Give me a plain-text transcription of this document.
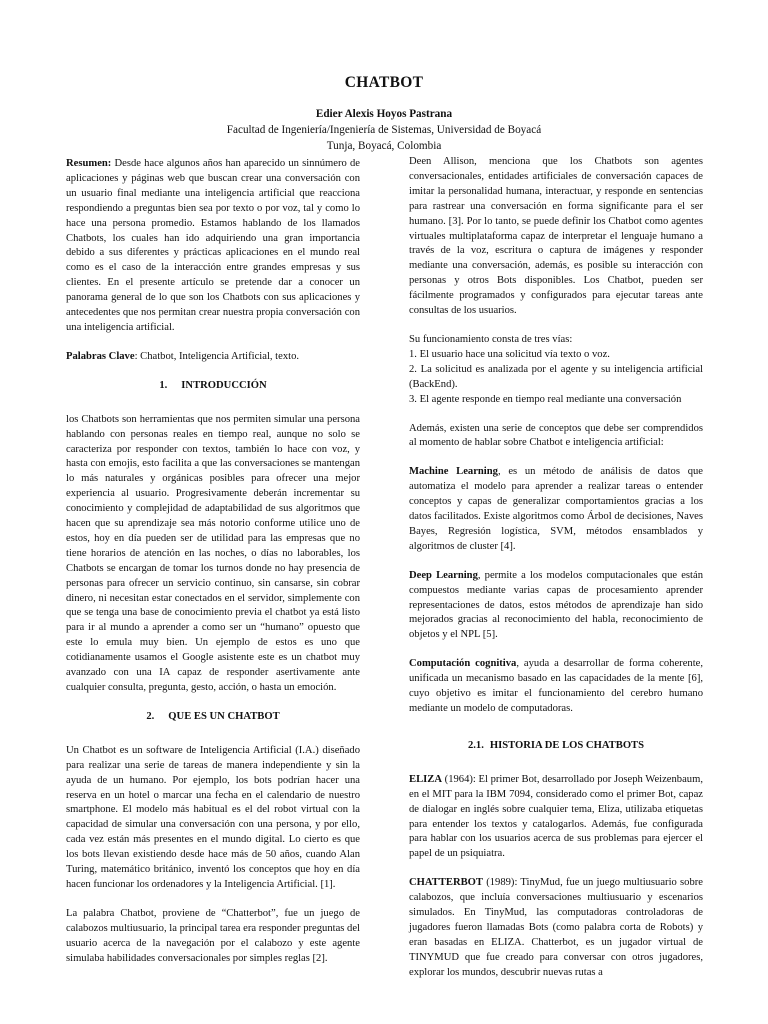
CHATBOT
Edier Alexis Hoyos Pastrana
Facultad de Ingeniería/Ingeniería de Sistemas, Universidad de Boyacá
Tunja, Boyacá, Colombia

Resumen: Desde hace algunos años han aparecido un sinnúmero de aplicaciones y páginas web que buscan crear una conversación con un usuario final mediante una inteligencia artificial que reacciona respondiendo a preguntas bien sea por texto o por voz, tal y como lo hace una persona promedio. Estamos hablando de los llamados Chatbots, los cuales han ido adquiriendo una gran importancia debido a sus diferentes y prácticas aplicaciones en el mundo real como es el caso de la interacción entre grandes empresas y sus clientes. En el presente artículo se pretende dar a conocer un panorama general de lo que son los Chatbots con sus aplicaciones y antecedentes que nos permitan crear nuestra propia conversación con una inteligencia artificial.

Palabras Clave: Chatbot, Inteligencia Artificial, texto.

1. INTRODUCCIÓN

los Chatbots son herramientas que nos permiten simular una persona hablando con personas reales en tiempo real, aunque no solo se caracteriza por responder con textos, también lo hace con voz, y hasta con emojis, esto facilita a que las conversaciones se mantengan lo más naturales y orgánicas posibles para ofrecer una mejor experiencia al usuario. Progresivamente deberán incrementar su conocimiento y complejidad de adaptabilidad de sus algoritmos que hacen que su aprendizaje sea más notorio conforme utilice uno de estos, hoy en día pueden ser de utilidad para las empresas que no tiene horarios de atención en las noches, o días no laborables, los Chatbots se encargan de tomar los turnos donde no hay presencia de personas para ofrecer un servicio continuo, sin cansarse, sin cobrar dinero, ni necesitan estar conectados en el servidor, simplemente con que se tenga una base de conocimiento previa el chatbot ya está listo para ir al mundo a aprender a como ser un “humano” opuesto que este lo emula muy bien. Un ejemplo de estos es uno que cotidianamente usamos el Google asistente este es un chatbot muy avanzado con una IA capaz de responder asertivamente ante cualquier consulta, pregunta, gesto, acción, o hasta un emoción.

2. QUE ES UN CHATBOT

Un Chatbot es un software de Inteligencia Artificial (I.A.) diseñado para realizar una serie de tareas de manera independiente y sin la ayuda de un humano. Por ejemplo, los bots podrían hacer una reserva en un hotel o marcar una fecha en el calendario de nuestro smartphone. El modelo más habitual es el del robot virtual con la capacidad de simular una conversación con una persona, y por ello, cada vez están más presentes en el mundo digital. Lo cierto es que los bots llevan existiendo desde hace más de 50 años, cuando Alan Turing, matemático británico, inventó los conceptos que hoy en día hacen funcionar los ordenadores y la Inteligencia Artificial. [1].

La palabra Chatbot, proviene de “Chatterbot”, fue un juego de calabozos multiusuario, la principal tarea era responder preguntas del usuario acerca de la navegación por el calabozo y este agente simulaba habilidades conversacionales por simples reglas [2].

Deen Allison, menciona que los Chatbots son agentes conversacionales, entidades artificiales de conversación capaces de imitar la personalidad humana, interactuar, y responde en sentencias para rastrear una conversación en forma significante para el ser humano. [3]. Por lo tanto, se puede definir los Chatbot como agentes virtuales multiplataforma capaz de interpretar el lenguaje humano a través de la voz, escritura o captura de imágenes y responder mediante una conversación, además, es posible su interacción con personas y otros Bots disponibles. Los Chatbot, pueden ser fácilmente programados y configurados para ejecutar tareas ante consultas de los usuarios.

Su funcionamiento consta de tres vías:
1. El usuario hace una solicitud vía texto o voz.
2. La solicitud es analizada por el agente y su inteligencia artificial (BackEnd).
3. El agente responde en tiempo real mediante una conversación

Además, existen una serie de conceptos que debe ser comprendidos al momento de hablar sobre Chatbot e inteligencia artificial:

Machine Learning, es un método de análisis de datos que automatiza el modelo para aprender a realizar tareas o entender conceptos y capas de generalizar comportamientos gracias a los datos facilitados. Existe algoritmos como Árbol de decisiones, Naves Bayes, Regresión logística, SVM, métodos ensamblados y algoritmos de cluster [4].

Deep Learning, permite a los modelos computacionales que están compuestos mediante varias capas de procesamiento aprender representaciones de datos, estos métodos de aprendizaje han sido mejorados gracias al reconocimiento del habla, reconocimiento de objetos y el NPL [5].

Computación cognitiva, ayuda a desarrollar de forma coherente, unificada un mecanismo basado en las capacidades de la mente [6], cuyo objetivo es imitar el funcionamiento del cerebro humano mediante un modelo de computadoras.

2.1. HISTORIA DE LOS CHATBOTS

ELIZA (1964): El primer Bot, desarrollado por Joseph Weizenbaum, en el MIT para la IBM 7094, considerado como el primer Bot, capaz de dialogar en inglés sobre cualquier tema, Eliza, utilizaba etiquetas para entender los textos y catalogarlos. Además, fue configurada para hablar con los usuarios acerca de sus problemas para ejercer el papel de un psiquiatra.

CHATTERBOT (1989): TinyMud, fue un juego multiusuario sobre calabozos, que incluía conversaciones multiusuario y escenarios simulados. En TinyMud, las computadoras controladoras de jugadores fueron llamadas Bots (como palabra corta de Robots) y eran basadas en ELIZA. Chatterbot, es un jugador virtual de TINYMUD que fue creado para conversar con otros jugadores, explorar los mundos, descubrir nuevas rutas a
